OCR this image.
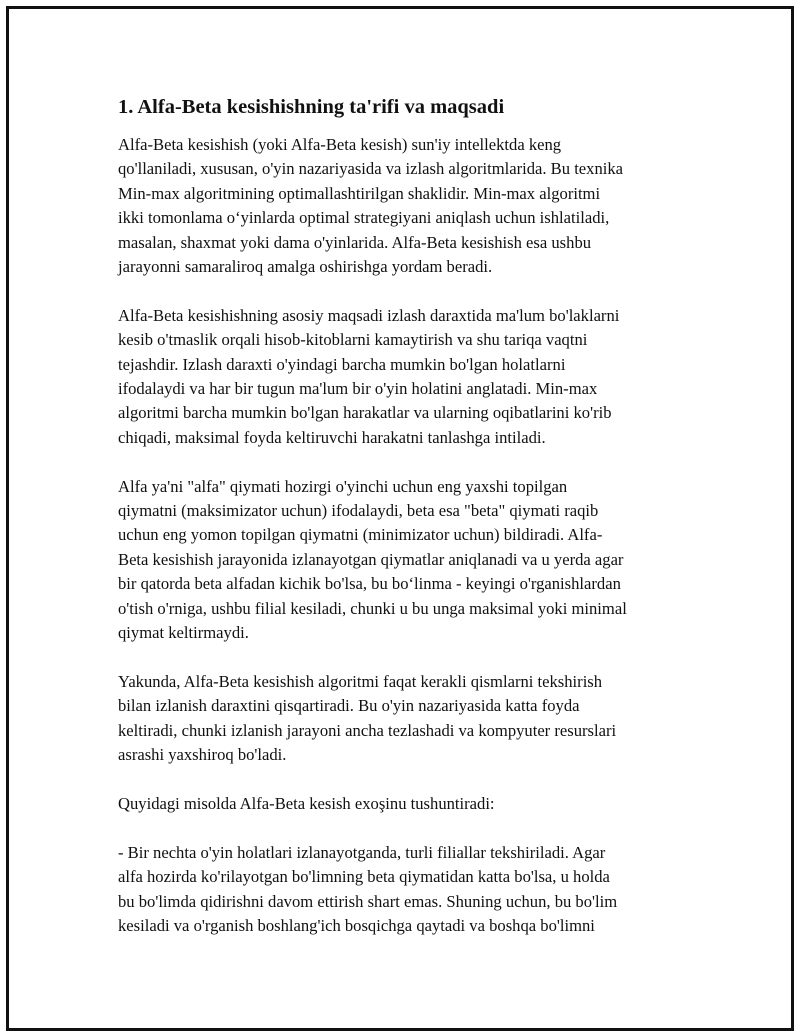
1. Alfa-Beta kesishishning ta'rifi va maqsadi

Alfa-Beta kesishish (yoki Alfa-Beta kesish) sun'iy intellektda keng
qo'llaniladi, xususan, o'yin nazariyasida va izlash algoritmlarida. Bu texnika
Min-max algoritmining optimallashtirilgan shaklidir. Min-max algoritmi
ikki tomonlama o‘yinlarda optimal strategiyani aniqlash uchun ishlatiladi,
masalan, shaxmat yoki dama o'yinlarida. Alfa-Beta kesishish esa ushbu
jarayonni samaraliroq amalga oshirishga yordam beradi.

Alfa-Beta kesishishning asosiy maqsadi izlash daraxtida ma'lum bo'laklarni
kesib o'tmaslik orqali hisob-kitoblarni kamaytirish va shu tariqa vaqtni
tejashdir. Izlash daraxti o'yindagi barcha mumkin bo'lgan holatlarni
ifodalaydi va har bir tugun ma'lum bir o'yin holatini anglatadi. Min-max
algoritmi barcha mumkin bo'lgan harakatlar va ularning oqibatlarini ko'rib
chiqadi, maksimal foyda keltiruvchi harakatni tanlashga intiladi.

Alfa ya'ni "alfa" qiymati hozirgi o'yinchi uchun eng yaxshi topilgan
qiymatni (maksimizator uchun) ifodalaydi, beta esa "beta" qiymati raqib
uchun eng yomon topilgan qiymatni (minimizator uchun) bildiradi. Alfa-
Beta kesishish jarayonida izlanayotgan qiymatlar aniqlanadi va u yerda agar
bir qatorda beta alfadan kichik bo'lsa, bu bo‘linma - keyingi o'rganishlardan
o'tish o'rniga, ushbu filial kesiladi, chunki u bu unga maksimal yoki minimal
qiymat keltirmaydi.

Yakunda, Alfa-Beta kesishish algoritmi faqat kerakli qismlarni tekshirish
bilan izlanish daraxtini qisqartiradi. Bu o'yin nazariyasida katta foyda
keltiradi, chunki izlanish jarayoni ancha tezlashadi va kompyuter resurslari
asrashi yaxshiroq bo'ladi.

Quyidagi misolda Alfa-Beta kesish exoşinu tushuntiradi:

- Bir nechta o'yin holatlari izlanayotganda, turli filiallar tekshiriladi. Agar
alfa hozirda ko'rilayotgan bo'limning beta qiymatidan katta bo'lsa, u holda
bu bo'limda qidirishni davom ettirish shart emas. Shuning uchun, bu bo'lim
kesiladi va o'rganish boshlang'ich bosqichga qaytadi va boshqa bo'limni
